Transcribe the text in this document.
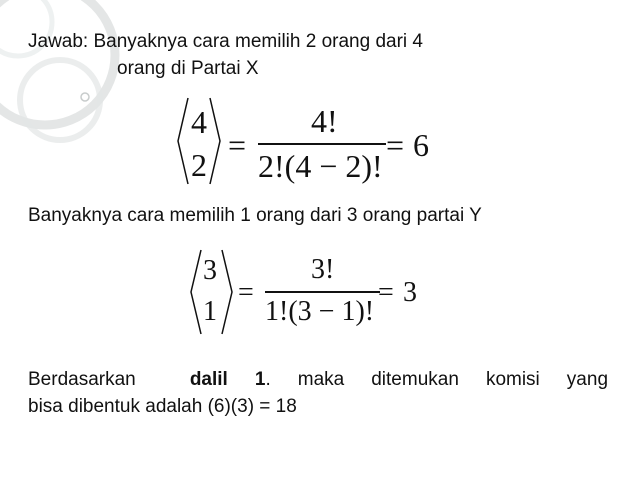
Jawab: Banyaknya cara memilih 2 orang dari 4
orang di Partai X
4
2
=
4!
2!(4 − 2)!
= 6
Banyaknya cara memilih 1 orang dari 3 orang partai Y
3
1
=
3!
1!(3 − 1)!
= 3
Berdasarkan	dalil 1. maka ditemukan komisi yang
bisa dibentuk adalah (6)(3) = 18
